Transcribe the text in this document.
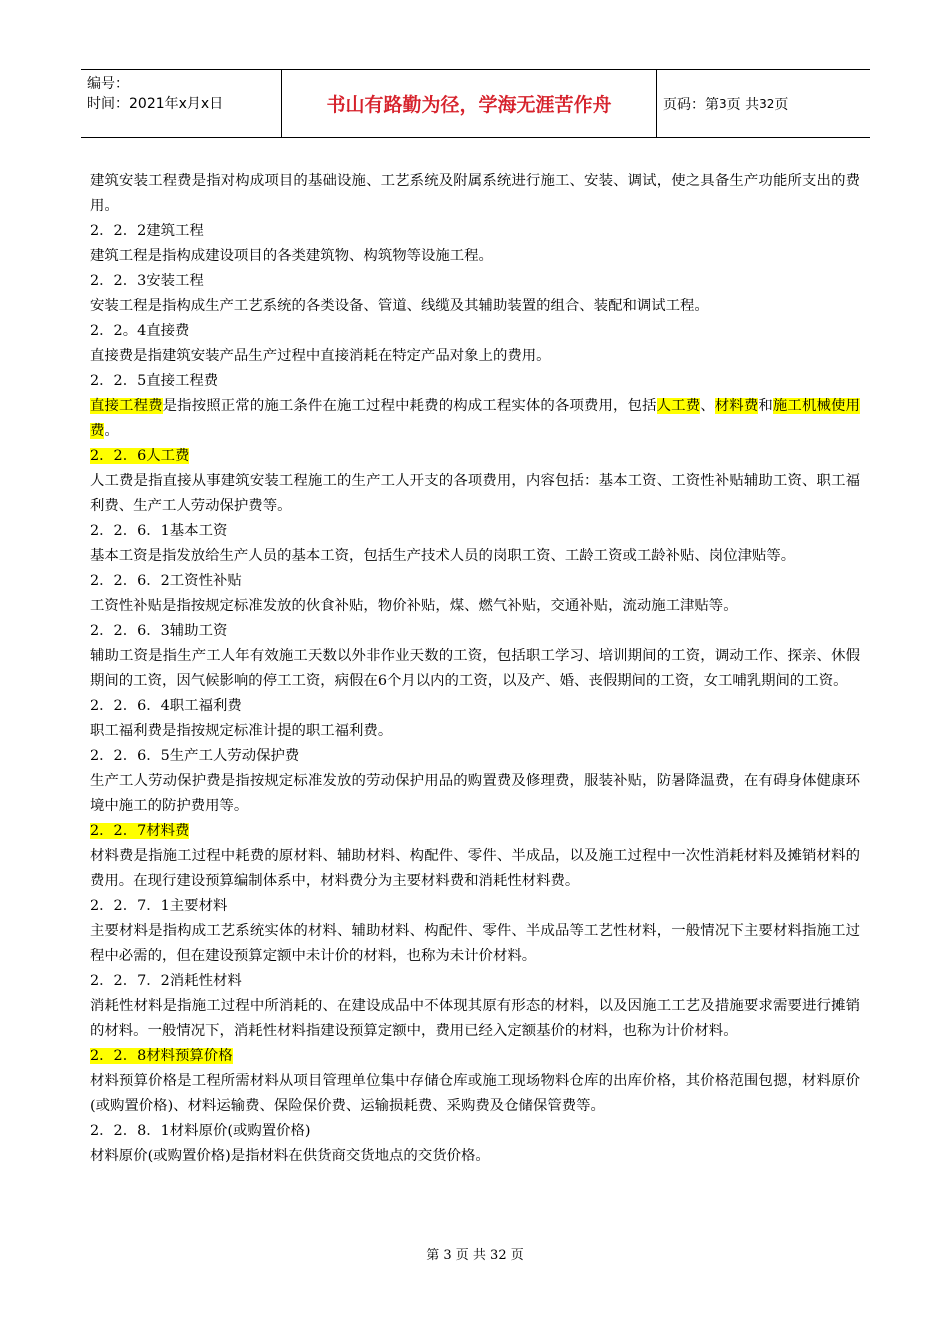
编号：
时间：2021年x月x日	书山有路勤为径，学海无涯苦作舟	页码：第 3 页 共 32 页
建筑安装工程费是指对构成项目的基础设施、工艺系统及附属系统进行施工、安装、调试，使之具备生产功能所支出的费用。
2．2．2建筑工程
建筑工程是指构成建设项目的各类建筑物、构筑物等设施工程。
2．2．3安装工程
安装工程是指构成生产工艺系统的各类设备、管道、线缆及其辅助装置的组合、装配和调试工程。
2．2。4直接费
直接费是指建筑安装产品生产过程中直接消耗在特定产品对象上的费用。
2．2．5直接工程费
直接工程费是指按照正常的施工条件在施工过程中耗费的构成工程实体的各项费用，包括人工费、材料费和施工机械使用费。
2．2．6人工费
人工费是指直接从事建筑安装工程施工的生产工人开支的各项费用，内容包括：基本工资、工资性补贴辅助工资、职工福利费、生产工人劳动保护费等。
2．2．6．1基本工资
基本工资是指发放给生产人员的基本工资，包括生产技术人员的岗职工资、工龄工资或工龄补贴、岗位津贴等。
2．2．6．2工资性补贴
工资性补贴是指按规定标准发放的伙食补贴，物价补贴，煤、燃气补贴，交通补贴，流动施工津贴等。
2．2．6．3辅助工资
辅助工资是指生产工人年有效施工天数以外非作业天数的工资，包括职工学习、培训期间的工资，调动工作、探亲、休假期间的工资，因气候影响的停工工资，病假在6个月以内的工资，以及产、婚、丧假期间的工资，女工哺乳期间的工资。
2．2．6．4职工福利费
职工福利费是指按规定标准计提的职工福利费。
2．2．6．5生产工人劳动保护费
生产工人劳动保护费是指按规定标准发放的劳动保护用品的购置费及修理费，服装补贴，防暑降温费，在有碍身体健康环境中施工的防护费用等。
2．2．7材料费
材料费是指施工过程中耗费的原材料、辅助材料、构配件、零件、半成品，以及施工过程中一次性消耗材料及摊销材料的费用。在现行建设预算编制体系中，材料费分为主要材料费和消耗性材料费。
2．2．7．1主要材料
主要材料是指构成工艺系统实体的材料、辅助材料、构配件、零件、半成品等工艺性材料，一般情况下主要材料指施工过程中必需的，但在建设预算定额中未计价的材料，也称为未计价材料。
2．2．7．2消耗性材料
消耗性材料是指施工过程中所消耗的、在建设成品中不体现其原有形态的材料，以及因施工工艺及措施要求需要进行摊销的材料。一般情况下，消耗性材料指建设预算定额中，费用已经入定额基价的材料，也称为计价材料。
2．2．8材料预算价格
材料预算价格是工程所需材料从项目管理单位集中存储仓库或施工现场物料仓库的出库价格，其价格范围包摁，材料原价(或购置价格)、材料运输费、保险保价费、运输损耗费、采购费及仓储保管费等。
2．2．8．1材料原价(或购置价格)
材料原价(或购置价格)是指材料在供货商交货地点的交货价格。
第 3 页 共 32 页
